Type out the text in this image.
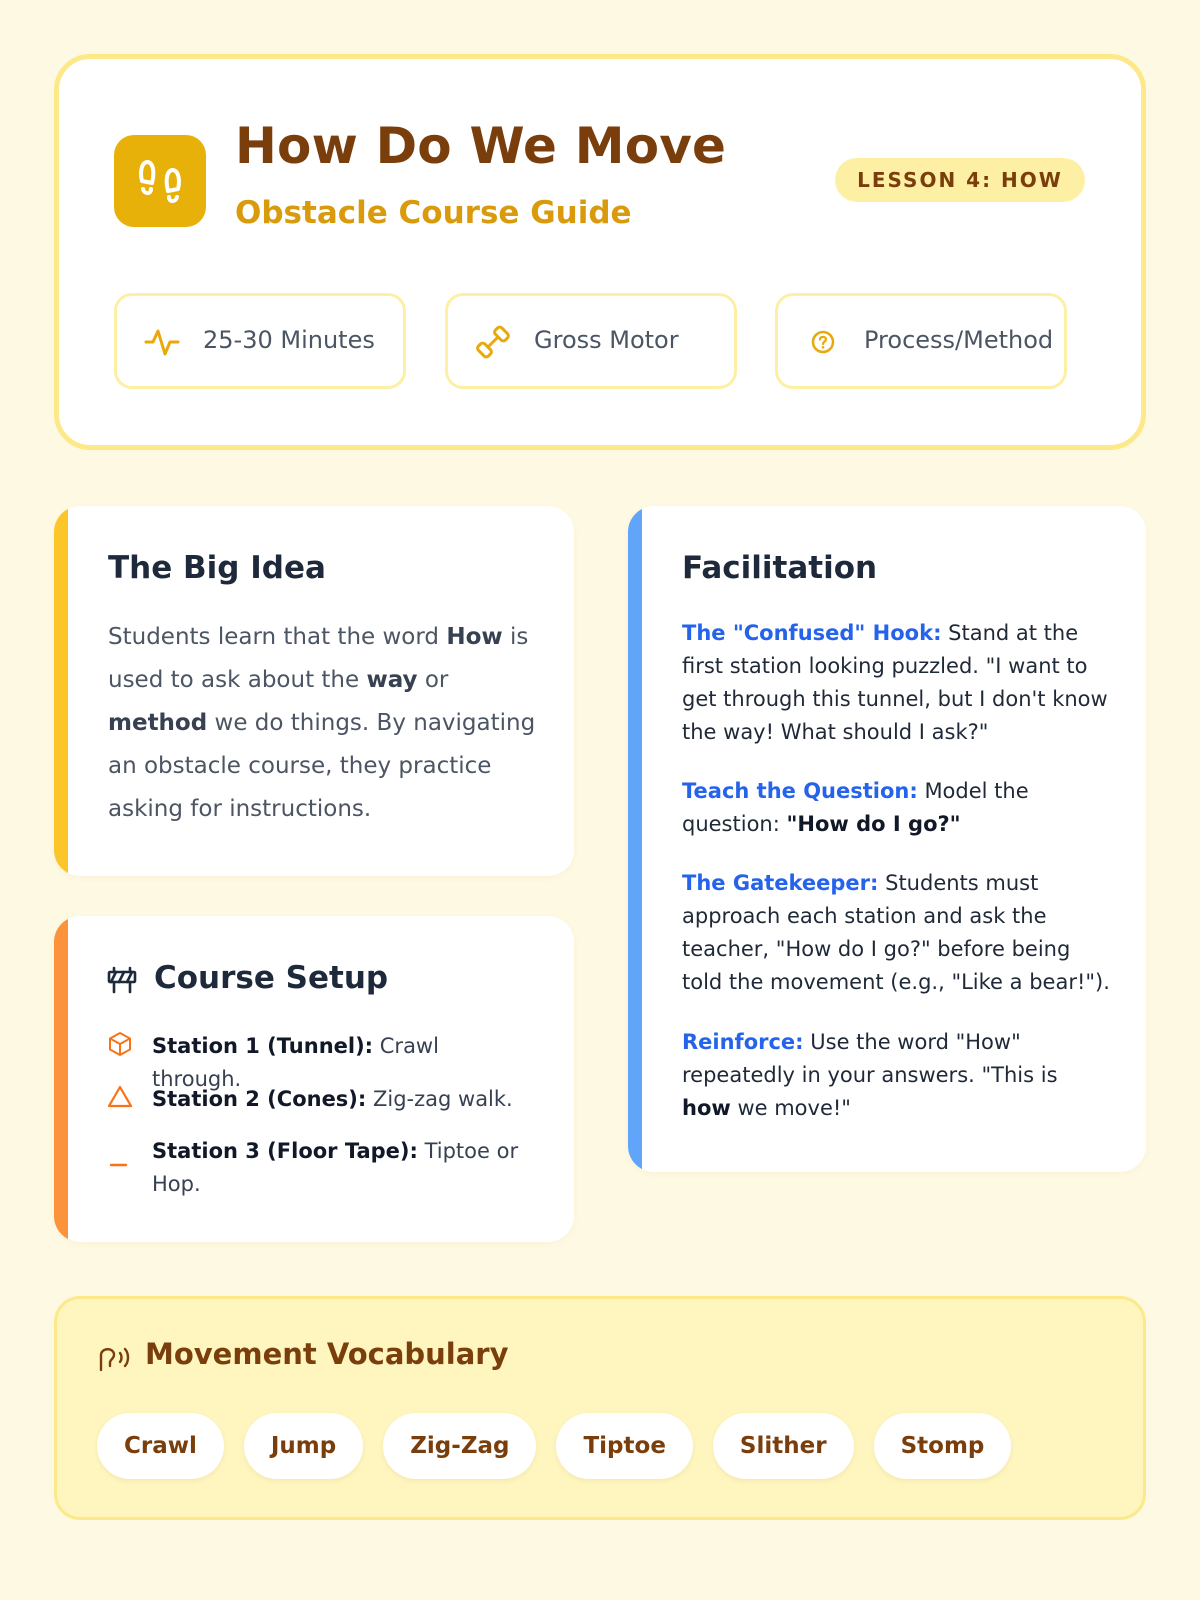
How Do We Move
Obstacle Course Guide
LESSON 4: HOW
25-30 Minutes	Gross Motor	Process/Method
The Big Idea

Students learn that the word How is used to ask about the way or method we do things. By navigating an obstacle course, they practice asking for instructions.

Course Setup
Station 1 (Tunnel): Crawl through.
Station 2 (Cones): Zig-zag walk.
Station 3 (Floor Tape): Tiptoe or Hop.
Facilitation

The "Confused" Hook: Stand at the first station looking puzzled. "I want to get through this tunnel, but I don't know the way! What should I ask?"

Teach the Question: Model the question: "How do I go?"

The Gatekeeper: Students must approach each station and ask the teacher, "How do I go?" before being told the movement (e.g., "Like a bear!").

Reinforce: Use the word "How" repeatedly in your answers. "This is how we move!"

Movement Vocabulary
Crawl	Jump	Zig-Zag	Tiptoe	Slither	Stomp
